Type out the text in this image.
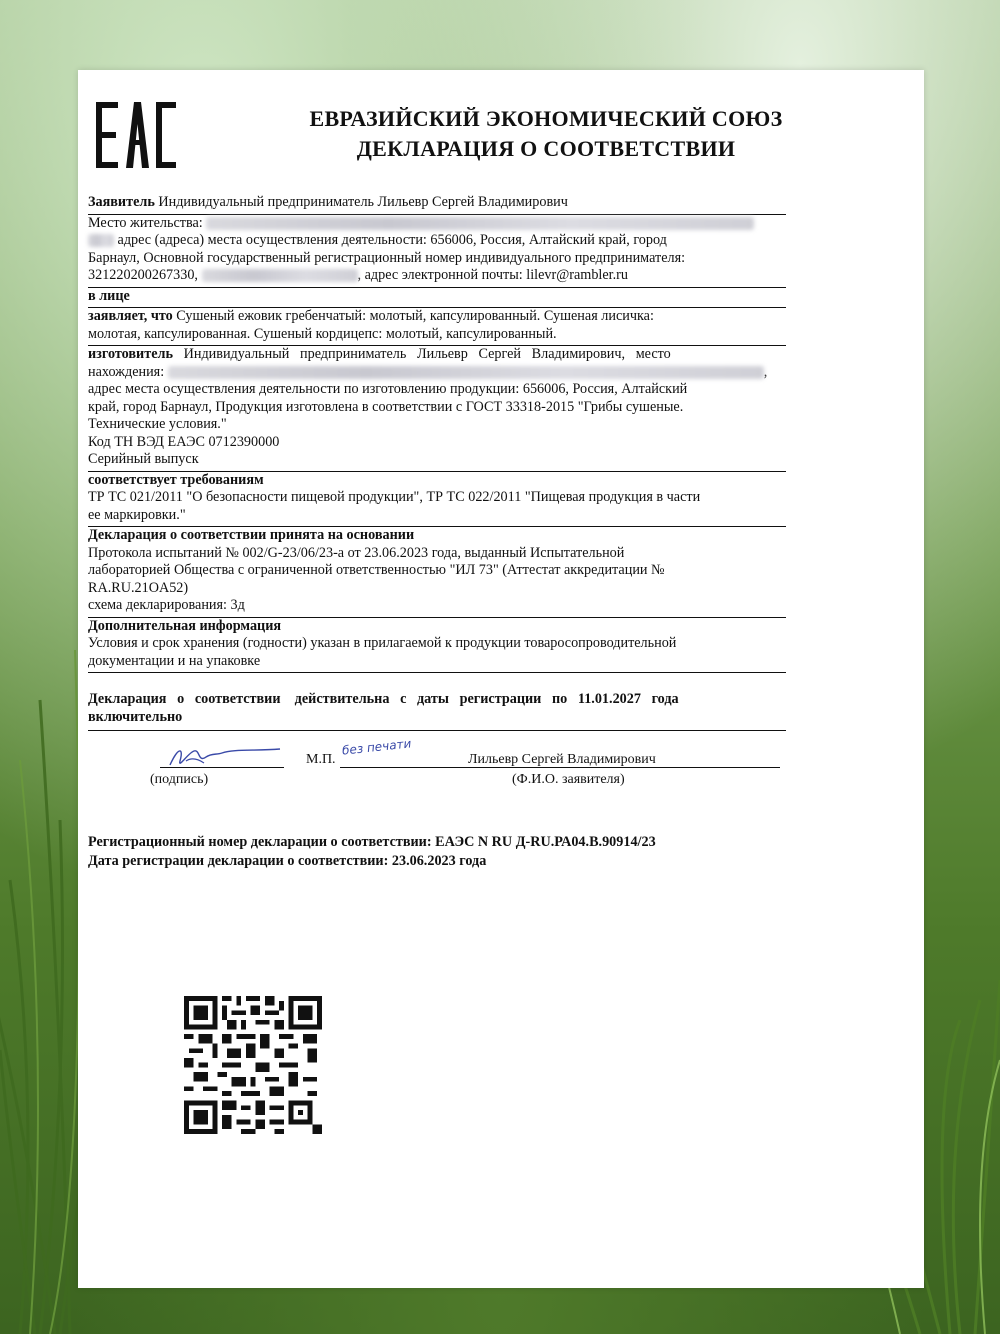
ЕВРАЗИЙСКИЙ ЭКОНОМИЧЕСКИЙ СОЮЗ
ДЕКЛАРАЦИЯ О СООТВЕТСТВИИ

Заявитель Индивидуальный предприниматель Лильевр Сергей Владимирович

Место жительства:

адрес (адреса) места осуществления деятельности: 656006, Россия, Алтайский край, город

Барнаул, Основной государственный регистрационный номер индивидуального предпринимателя:

321220200267330,	, адрес электронной почты: lilevr@rambler.ru

в лице

заявляет, что Сушеный ежовик гребенчатый: молотый, капсулированный. Сушеная лисичка:

молотая, капсулированная. Сушеный кордицепс: молотый, капсулированный.

изготовитель   Индивидуальный   предприниматель   Лильевр   Сергей   Владимирович,   место

нахождения:	,

адрес места осуществления деятельности по изготовлению продукции: 656006, Россия, Алтайский

край, город Барнаул, Продукция изготовлена в соответствии с ГОСТ 33318-2015 "Грибы сушеные.

Технические условия."

Код ТН ВЭД ЕАЭС 0712390000

Серийный выпуск

соответствует требованиям

ТР ТС 021/2011 "О безопасности пищевой продукции", ТР ТС 022/2011 "Пищевая продукция в части

ее маркировки."

Декларация о соответствии принята на основании

Протокола испытаний № 002/G-23/06/23-а от 23.06.2023 года, выданный Испытательной

лабораторией Общества с ограниченной ответственностью "ИЛ 73" (Аттестат аккредитации №

RA.RU.21OA52)

схема декларирования: 3д

Дополнительная информация

Условия и срок хранения (годности) указан в прилагаемой к продукции товаросопроводительной

документации и на упаковке

Декларация   о   соответствии    действительна   с   даты   регистрации   по   11.01.2027   года

включительно

(подпись)
М.П.
без печати
Лильевр Сергей Владимирович
(Ф.И.О. заявителя)
Регистрационный номер декларации о соответствии: ЕАЭС N RU Д-RU.РА04.В.90914/23
Дата регистрации декларации о соответствии: 23.06.2023 года
